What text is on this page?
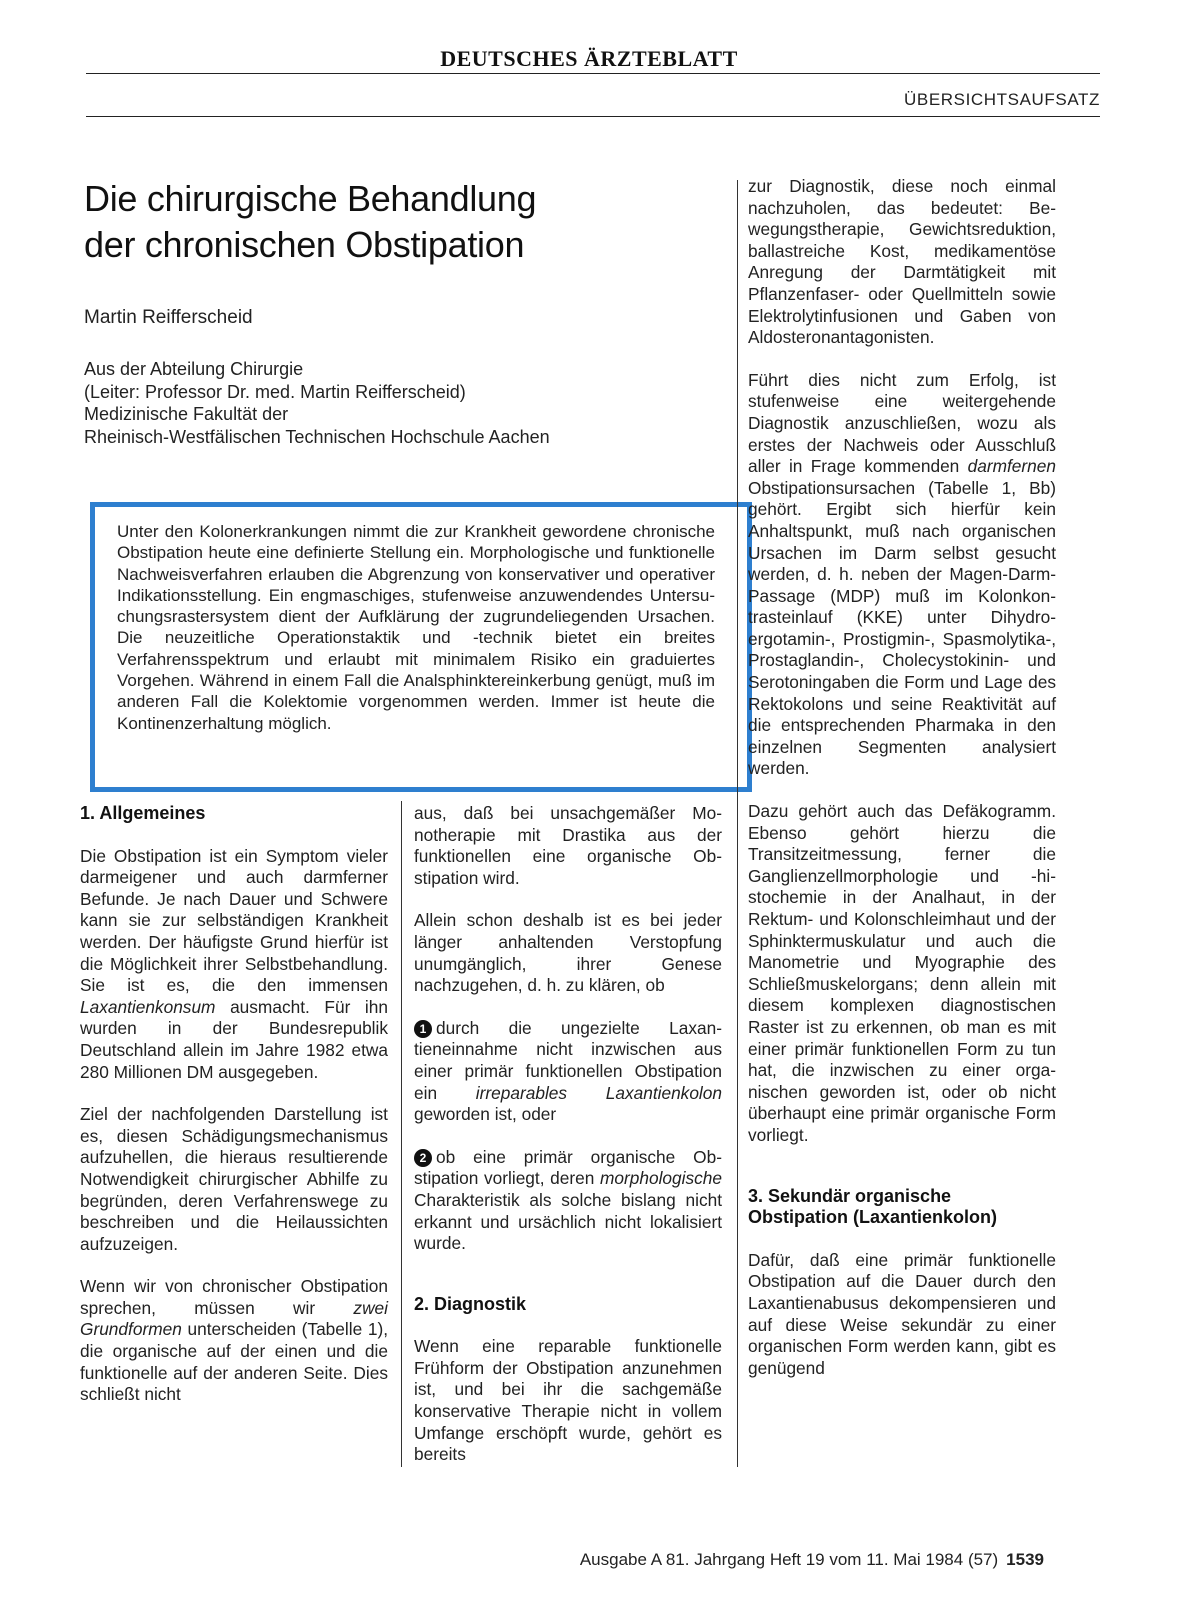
DEUTSCHES ÄRZTEBLATT
ÜBERSICHTSAUFSATZ
Die chirurgische Behandlung
der chronischen Obstipation
Martin Reifferscheid
Aus der Abteilung Chirurgie
(Leiter: Professor Dr. med. Martin Reifferscheid)
Medizinische Fakultät der
Rheinisch-Westfälischen Technischen Hochschule Aachen
Unter den Kolonerkrankungen nimmt die zur Krankheit gewordene chronische Obstipation heute eine definierte Stellung ein. Morphologische und funktionelle Nachweisverfahren erlauben die Abgrenzung von konservativer und operativer Indikationsstellung. Ein engmaschiges, stufenweise anzuwendendes Untersuchungsrastersystem dient der Aufklärung der zugrundeliegenden Ursachen. Die neuzeitliche Operationstaktik und -technik bietet ein breites Verfahrensspektrum und erlaubt mit minimalem Risiko ein graduiertes Vorgehen. Während in einem Fall die Analsphinktereinkerbung genügt, muß im anderen Fall die Kolektomie vorgenommen werden. Immer ist heute die Kontinenzerhaltung möglich.
1. Allgemeines

Die Obstipation ist ein Symptom vieler darmeigener und auch darmferner Befunde. Je nach Dauer und Schwere kann sie zur selbständigen Krankheit werden. Der häufigste Grund hierfür ist die Möglichkeit ihrer Selbstbehandlung. Sie ist es, die den immensen Laxantienkonsum ausmacht. Für ihn wurden in der Bundesrepublik Deutschland allein im Jahre 1982 etwa 280 Millionen DM ausgegeben.

Ziel der nachfolgenden Darstellung ist es, diesen Schädigungsmechanismus aufzuhellen, die hieraus resultierende Notwendigkeit chirurgischer Abhilfe zu begründen, deren Verfahrenswege zu beschreiben und die Heilaussichten aufzuzeigen.

Wenn wir von chronischer Obstipation sprechen, müssen wir zwei Grundformen unterscheiden (Tabelle 1), die organische auf der einen und die funktionelle auf der anderen Seite. Dies schließt nicht

aus, daß bei unsachgemäßer Monotherapie mit Drastika aus der funktionellen eine organische Obstipation wird.

Allein schon deshalb ist es bei jeder länger anhaltenden Verstopfung unumgänglich, ihrer Genese nachzugehen, d. h. zu klären, ob

1 durch die ungezielte Laxantieneinnahme nicht inzwischen aus einer primär funktionellen Obstipation ein irreparables Laxantienkolon geworden ist, oder

2 ob eine primär organische Obstipation vorliegt, deren morphologische Charakteristik als solche bislang nicht erkannt und ursächlich nicht lokalisiert wurde.

2. Diagnostik

Wenn eine reparable funktionelle Frühform der Obstipation anzunehmen ist, und bei ihr die sachgemäße konservative Therapie nicht in vollem Umfange erschöpft wurde, gehört es bereits

zur Diagnostik, diese noch einmal nachzuholen, das bedeutet: Bewegungstherapie, Gewichtsreduktion, ballastreiche Kost, medikamentöse Anregung der Darmtätigkeit mit Pflanzenfaser- oder Quellmitteln sowie Elektrolytinfusionen und Gaben von Aldosteronantagonisten.

Führt dies nicht zum Erfolg, ist stufenweise eine weitergehende Diagnostik anzuschließen, wozu als erstes der Nachweis oder Ausschluß aller in Frage kommenden darmfernen Obstipationsursachen (Tabelle 1, Bb) gehört. Ergibt sich hierfür kein Anhaltspunkt, muß nach organischen Ursachen im Darm selbst gesucht werden, d. h. neben der Magen-Darm-Passage (MDP) muß im Kolonkontrasteinlauf (KKE) unter Dihydroergotamin-, Prostigmin-, Spasmolytika-, Prostaglandin-, Cholecystokinin- und Serotoningaben die Form und Lage des Rektokolons und seine Reaktivität auf die entsprechenden Pharmaka in den einzelnen Segmenten analysiert werden.

Dazu gehört auch das Defäkogramm. Ebenso gehört hierzu die Transitzeitmessung, ferner die Ganglienzellmorphologie und -histochemie in der Analhaut, in der Rektum- und Kolonschleimhaut und der Sphinktermuskulatur und auch die Manometrie und Myographie des Schließmuskelorgans; denn allein mit diesem komplexen diagnostischen Raster ist zu erkennen, ob man es mit einer primär funktionellen Form zu tun hat, die inzwischen zu einer organischen geworden ist, oder ob nicht überhaupt eine primär organische Form vorliegt.

3. Sekundär organische
Obstipation (Laxantienkolon)

Dafür, daß eine primär funktionelle Obstipation auf die Dauer durch den Laxantienabusus dekompensieren und auf diese Weise sekundär zu einer organischen Form werden kann, gibt es genügend

Ausgabe A 81. Jahrgang Heft 19 vom 11. Mai 1984 (57) 1539
